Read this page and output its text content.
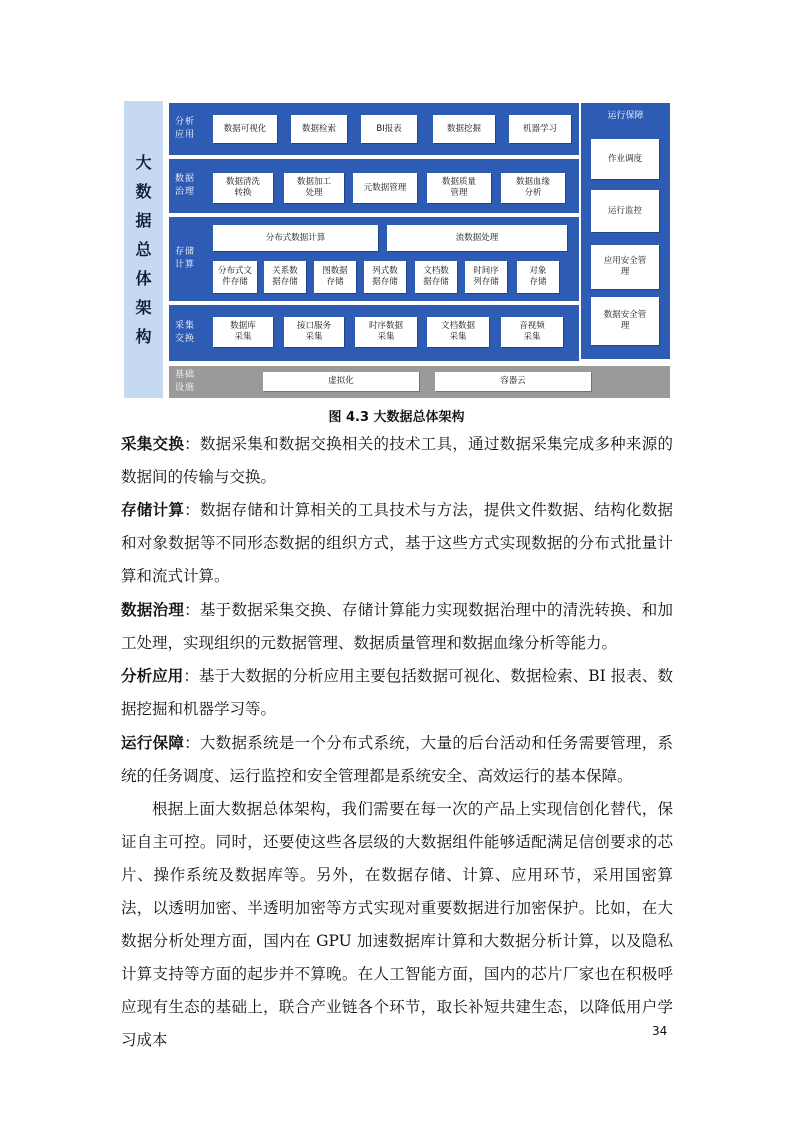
大
数
据
总
体
架
构
分析
应用
数据可视化	数据检索	BI报表	数据挖掘	机器学习
数据
治理
数据清洗
转换
数据加工
处理
元数据管理
数据质量
管理
数据血缘
分析
存储
计算
分布式数据计算	流数据处理
分布式文
件存储
关系数
据存储
图数据
存储
列式数
据存储
文档数
据存储
时间序
列存储
对象
存储
采集
交换
数据库
采集
接口服务
采集
时序数据
采集
文档数据
采集
音视频
采集
运行保障
作业调度
运行监控
应用安全管
理
数据安全管
理
基础
设施
虚拟化	容器云
图 4.3 大数据总体架构

采集交换：数据采集和数据交换相关的技术工具，通过数据采集完成多种来源的数据间的传输与交换。

存储计算：数据存储和计算相关的工具技术与方法，提供文件数据、结构化数据和对象数据等不同形态数据的组织方式，基于这些方式实现数据的分布式批量计算和流式计算。

数据治理：基于数据采集交换、存储计算能力实现数据治理中的清洗转换、和加工处理，实现组织的元数据管理、数据质量管理和数据血缘分析等能力。

分析应用：基于大数据的分析应用主要包括数据可视化、数据检索、BI 报表、数据挖掘和机器学习等。

运行保障：大数据系统是一个分布式系统，大量的后台活动和任务需要管理，系统的任务调度、运行监控和安全管理都是系统安全、高效运行的基本保障。

根据上面大数据总体架构，我们需要在每一次的产品上实现信创化替代，保证自主可控。同时，还要使这些各层级的大数据组件能够适配满足信创要求的芯片、操作系统及数据库等。另外，在数据存储、计算、应用环节，采用国密算法，以透明加密、半透明加密等方式实现对重要数据进行加密保护。比如，在大数据分析处理方面，国内在 GPU 加速数据库计算和大数据分析计算，以及隐私计算支持等方面的起步并不算晚。在人工智能方面，国内的芯片厂家也在积极呼应现有生态的基础上，联合产业链各个环节，取长补短共建生态，以降低用户学习成本	34
